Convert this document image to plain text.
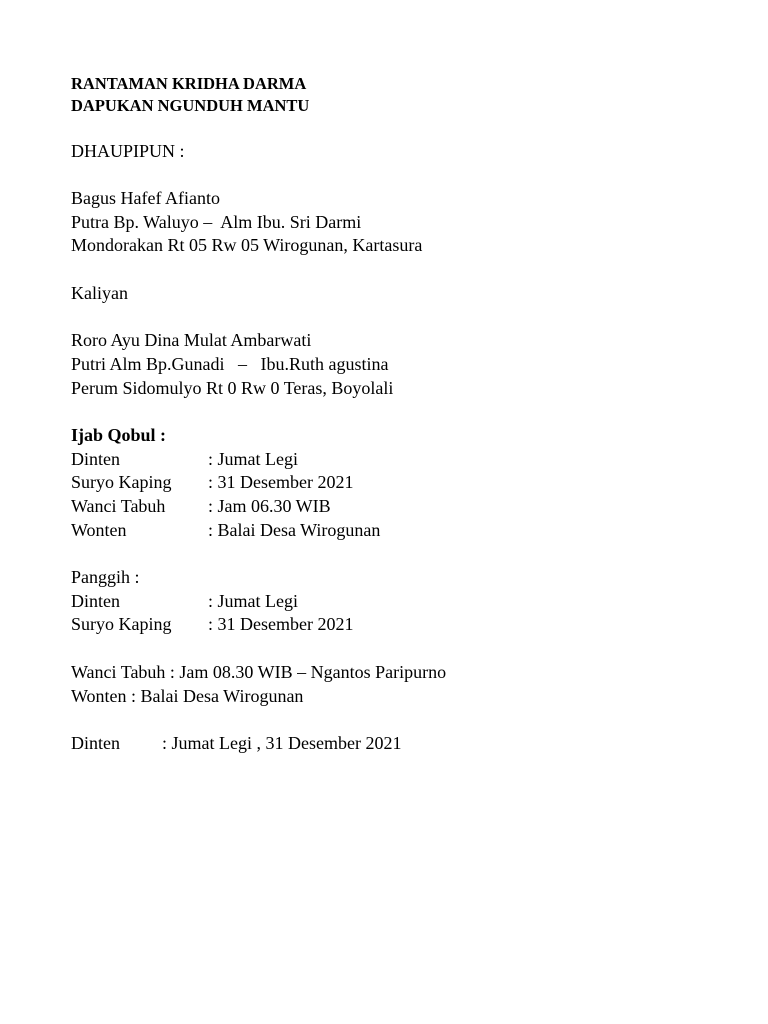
RANTAMAN KRIDHA DARMA
DAPUKAN NGUNDUH MANTU
DHAUPIPUN :
Bagus Hafef Afianto
Putra Bp. Waluyo –  Alm Ibu. Sri Darmi
Mondorakan Rt 05 Rw 05 Wirogunan, Kartasura
Kaliyan
Roro Ayu Dina Mulat Ambarwati
Putri Alm Bp.Gunadi   –   Ibu.Ruth agustina
Perum Sidomulyo Rt 0 Rw 0 Teras, Boyolali
Ijab Qobul :
Dinten	: Jumat Legi
Suryo Kaping	: 31 Desember 2021
Wanci Tabuh	: Jam 06.30 WIB
Wonten	: Balai Desa Wirogunan
Panggih :
Dinten	: Jumat Legi
Suryo Kaping	: 31 Desember 2021
Wanci Tabuh : Jam 08.30 WIB – Ngantos Paripurno
Wonten : Balai Desa Wirogunan
Dinten	: Jumat Legi , 31 Desember 2021
